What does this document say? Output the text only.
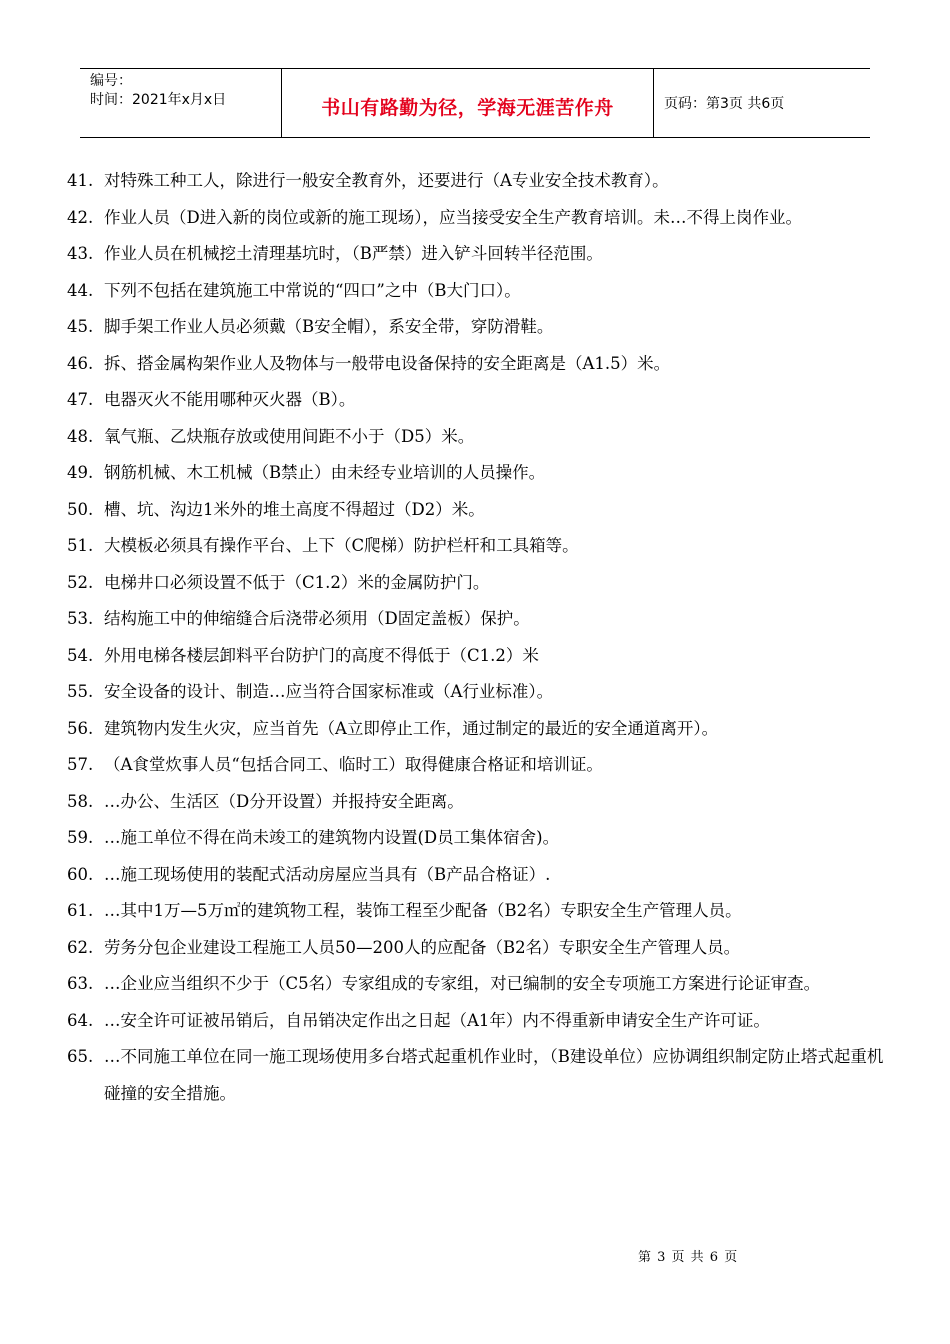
编号：
时间：2021年x月x日	书山有路勤为径，学海无涯苦作舟	页码：第3页 共6页
41. 对特殊工种工人，除进行一般安全教育外，还要进行（A专业安全技术教育）。
42. 作业人员（D进入新的岗位或新的施工现场），应当接受安全生产教育培训。未…不得上岗作业。
43. 作业人员在机械挖土清理基坑时，（B严禁）进入铲斗回转半径范围。
44. 下列不包括在建筑施工中常说的“四口”之中（B大门口）。
45. 脚手架工作业人员必须戴（B安全帽），系安全带，穿防滑鞋。
46. 拆、搭金属构架作业人及物体与一般带电设备保持的安全距离是（A1.5）米。
47. 电器灭火不能用哪种灭火器（B）。
48. 氧气瓶、乙炔瓶存放或使用间距不小于（D5）米。
49. 钢筋机械、木工机械（B禁止）由未经专业培训的人员操作。
50. 槽、坑、沟边1米外的堆土高度不得超过（D2）米。
51. 大模板必须具有操作平台、上下（C爬梯）防护栏杆和工具箱等。
52. 电梯井口必须设置不低于（C1.2）米的金属防护门。
53. 结构施工中的伸缩缝合后浇带必须用（D固定盖板）保护。
54. 外用电梯各楼层卸料平台防护门的高度不得低于（C1.2）米
55. 安全设备的设计、制造…应当符合国家标准或（A行业标准）。
56. 建筑物内发生火灾，应当首先（A立即停止工作，通过制定的最近的安全通道离开）。
57. （A食堂炊事人员“包括合同工、临时工）取得健康合格证和培训证。
58. …办公、生活区（D分开设置）并报持安全距离。
59. …施工单位不得在尚未竣工的建筑物内设置(D员工集体宿舍)。
60. …施工现场使用的装配式活动房屋应当具有（B产品合格证）.
61. …其中1万—5万㎡的建筑物工程，装饰工程至少配备（B2名）专职安全生产管理人员。
62. 劳务分包企业建设工程施工人员50—200人的应配备（B2名）专职安全生产管理人员。
63. …企业应当组织不少于（C5名）专家组成的专家组，对已编制的安全专项施工方案进行论证审查。
64. …安全许可证被吊销后，自吊销决定作出之日起（A1年）内不得重新申请安全生产许可证。
65. …不同施工单位在同一施工现场使用多台塔式起重机作业时，（B建设单位）应协调组织制定防止塔式起重机碰撞的安全措施。
第 3 页 共 6 页
